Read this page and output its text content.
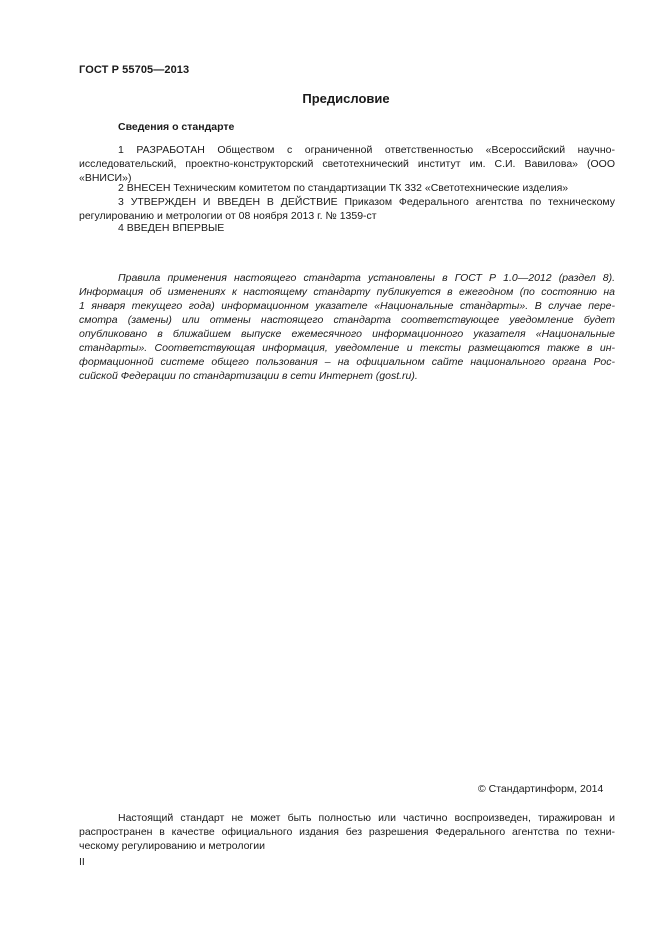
ГОСТ Р 55705—2013
Предисловие
Сведения о стандарте
1 РАЗРАБОТАН Обществом с ограниченной ответственностью «Всероссийский научно-
исследовательский, проектно-конструкторский светотехнический институт им. С.И. Вавилова» (ООО
«ВНИСИ»)
2 ВНЕСЕН Техническим комитетом по стандартизации ТК 332 «Светотехнические изделия»
3 УТВЕРЖДЕН И ВВЕДЕН В ДЕЙСТВИЕ Приказом Федерального агентства по техническому
регулированию и метрологии от 08 ноября 2013 г. № 1359-ст
4 ВВЕДЕН ВПЕРВЫЕ
Правила применения настоящего стандарта установлены в ГОСТ Р 1.0—2012 (раздел 8).
Информация об изменениях к настоящему стандарту публикуется в ежегодном (по состоянию на
1 января текущего года) информационном указателе «Национальные стандарты». В случае пере-
смотра (замены) или отмены настоящего стандарта соответствующее уведомление будет
опубликовано в ближайшем выпуске ежемесячного информационного указателя «Национальные
стандарты». Соответствующая информация, уведомление и тексты размещаются также в ин-
формационной системе общего пользования – на официальном сайте национального органа Рос-
сийской Федерации по стандартизации в сети Интернет (gost.ru).
© Стандартинформ, 2014
Настоящий стандарт не может быть полностью или частично воспроизведен, тиражирован и
распространен в качестве официального издания без разрешения Федерального агентства по техни-
ческому регулированию и метрологии
II
